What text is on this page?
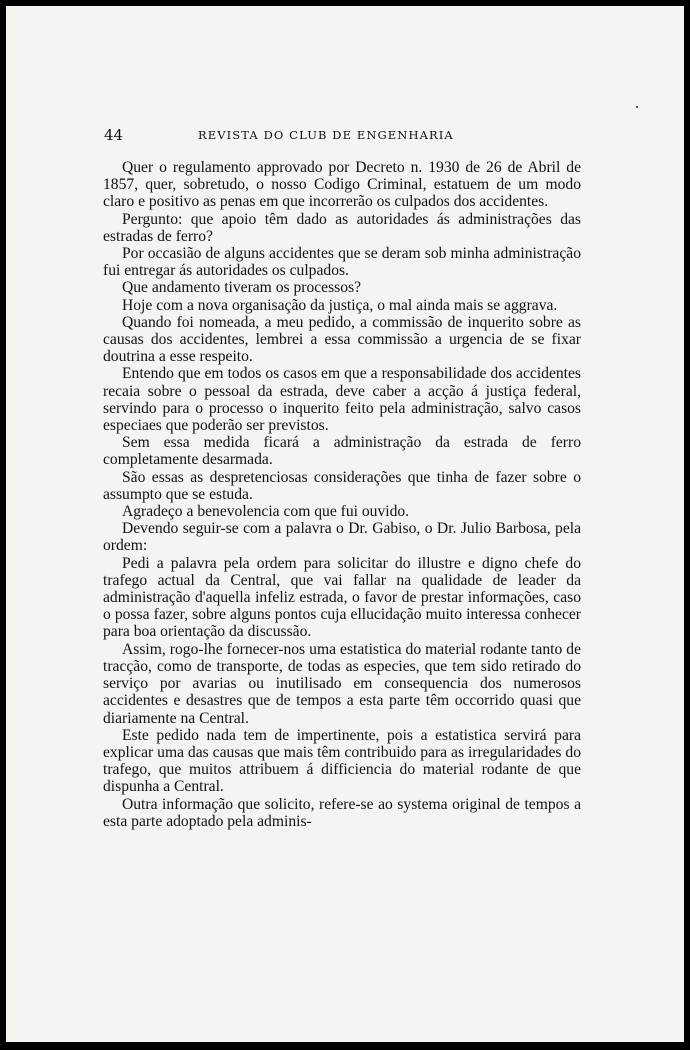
44	REVISTA DO CLUB DE ENGENHARIA

Quer o regulamento approvado por Decreto n. 1930 de 26 de Abril de 1857, quer, sobretudo, o nosso Codigo Criminal, estatuem de um modo claro e positivo as penas em que incorrerão os culpados dos accidentes.

Pergunto: que apoio têm dado as autoridades ás administrações das estradas de ferro?

Por occasião de alguns accidentes que se deram sob minha administração fui entregar ás autoridades os culpados.

Que andamento tiveram os processos?

Hoje com a nova organisação da justiça, o mal ainda mais se aggrava.

Quando foi nomeada, a meu pedido, a commissão de inquerito sobre as causas dos accidentes, lembrei a essa commissão a urgencia de se fixar doutrina a esse respeito.

Entendo que em todos os casos em que a responsabilidade dos accidentes recaia sobre o pessoal da estrada, deve caber a acção á justiça federal, servindo para o processo o inquerito feito pela administração, salvo casos especiaes que poderão ser previstos.

Sem essa medida ficará a administração da estrada de ferro completamente desarmada.

São essas as despretenciosas considerações que tinha de fazer sobre o assumpto que se estuda.

Agradeço a benevolencia com que fui ouvido.

Devendo seguir-se com a palavra o Dr. Gabiso, o Dr. Julio Barbosa, pela ordem:

Pedi a palavra pela ordem para solicitar do illustre e digno chefe do trafego actual da Central, que vai fallar na qualidade de leader da administração d'aquella infeliz estrada, o favor de prestar informações, caso o possa fazer, sobre alguns pontos cuja ellucidação muito interessa conhecer para boa orientação da discussão.

Assim, rogo-lhe fornecer-nos uma estatistica do material rodante tanto de tracção, como de transporte, de todas as especies, que tem sido retirado do serviço por avarias ou inutilisado em consequencia dos numerosos accidentes e desastres que de tempos a esta parte têm occorrido quasi que diariamente na Central.

Este pedido nada tem de impertinente, pois a estatistica servirá para explicar uma das causas que mais têm contribuido para as irregularidades do trafego, que muitos attribuem á difficiencia do material rodante de que dispunha a Central.

Outra informação que solicito, refere-se ao systema original de tempos a esta parte adoptado pela adminis-
